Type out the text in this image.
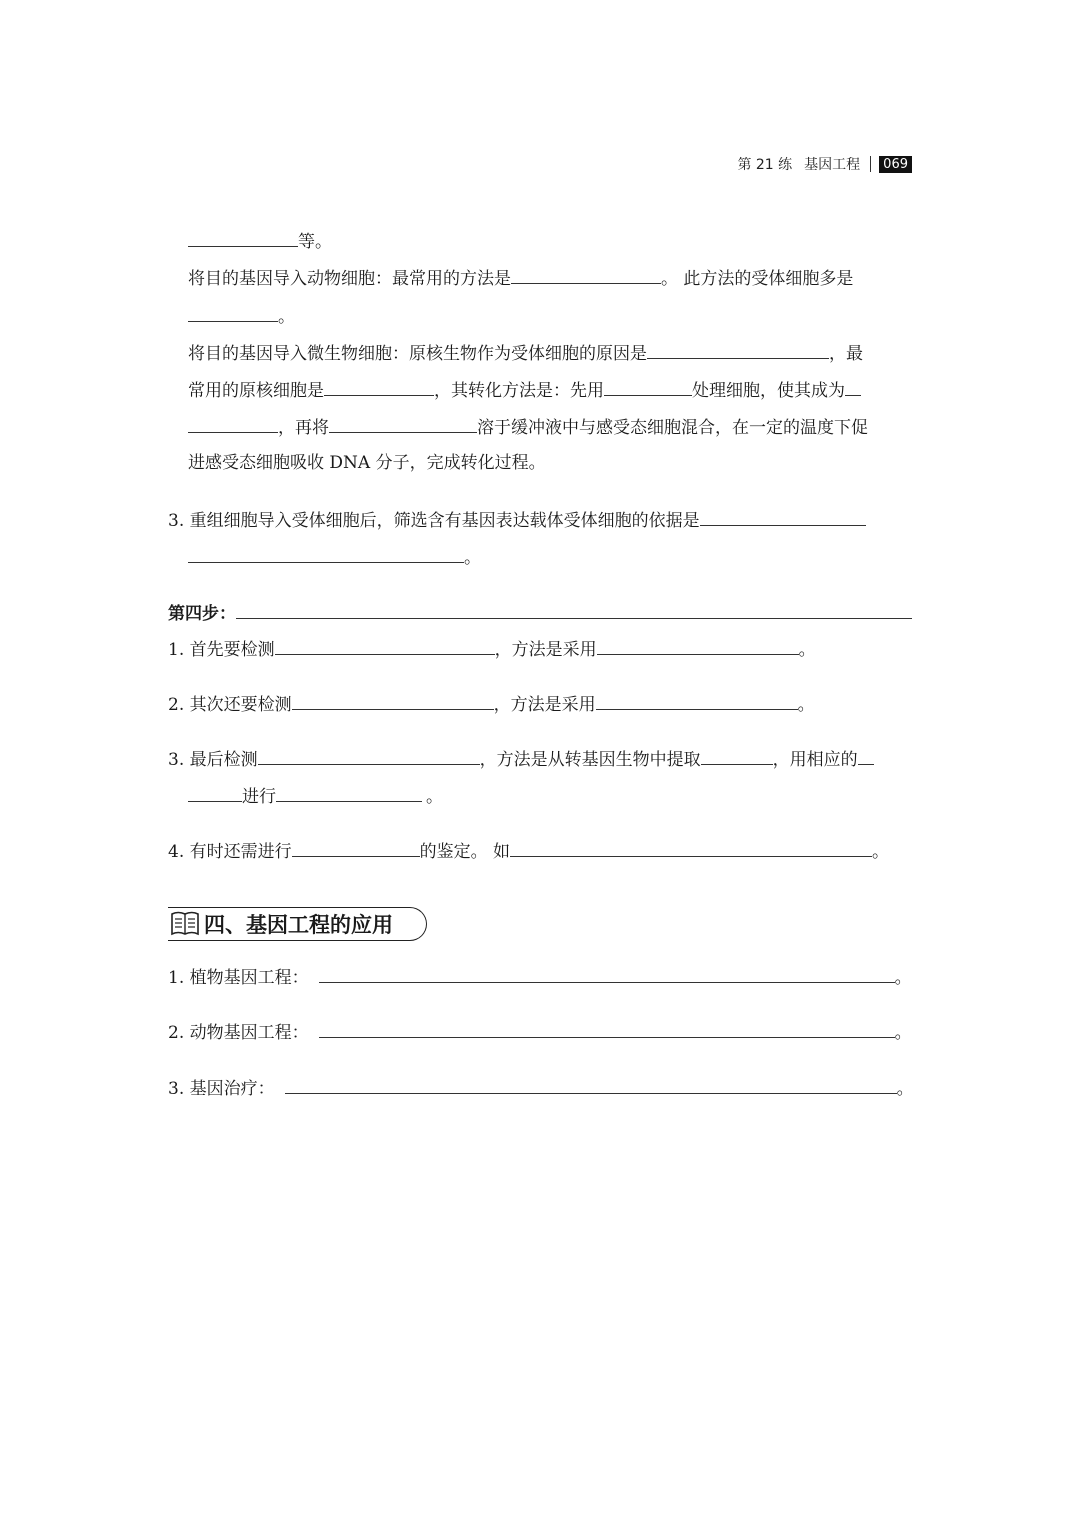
第 21 练 基因工程	069
等。
将目的基因导入动物细胞：最常用的方法是	。 此方法的受体细胞多是
。
将目的基因导入微生物细胞：原核生物作为受体细胞的原因是	，最
常用的原核细胞是	，其转化方法是：先用	处理细胞，使其成为
，再将	溶于缓冲液中与感受态细胞混合，在一定的温度下促
进感受态细胞吸收 DNA 分子，完成转化过程。
3. 重组细胞导入受体细胞后，筛选含有基因表达载体受体细胞的依据是
。
第四步：
1. 首先要检测	，方法是采用	。
2. 其次还要检测	，方法是采用	。
3. 最后检测	，方法是从转基因生物中提取	，用相应的
进行	。
4. 有时还需进行	的鉴定。 如	。
四、基因工程的应用
1. 植物基因工程：	。
2. 动物基因工程：	。
3. 基因治疗：	。
